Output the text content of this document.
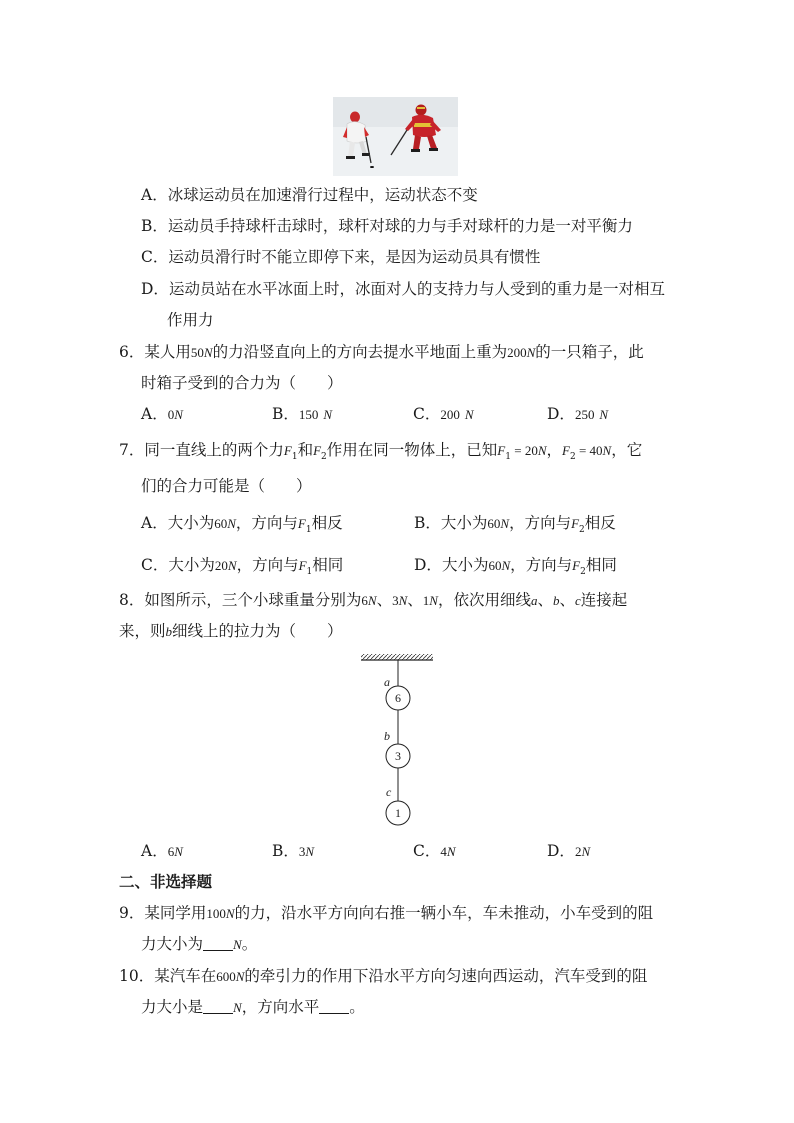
A．冰球运动员在加速滑行过程中，运动状态不变
B．运动员手持球杆击球时，球杆对球的力与手对球杆的力是一对平衡力
C．运动员滑行时不能立即停下来，是因为运动员具有惯性
D．运动员站在水平冰面上时，冰面对人的支持力与人受到的重力是一对相互
作用力
6．某人用50N的力沿竖直向上的方向去提水平地面上重为200N的一只箱子，此
时箱子受到的合力为（　　）
A．0N	B．150 N	C．200 N	D．250 N
7．同一直线上的两个力$F_1$和$F_2$作用在同一物体上，已知$F_1 = 20N$，$F_2 = 40N$，它
们的合力可能是（　　）
A．大小为60N，方向与$F_1$相反	B．大小为60N，方向与$F_2$相反
C．大小为20N，方向与$F_1$相同	D．大小为60N，方向与$F_2$相同
8．如图所示，三个小球重量分别为6N、3N、1N，依次用细线a、b、c连接起
来，则b细线上的拉力为（　　）
a
b
c
6
3
1
A．6N	B．3N	C．4N	D．2N
二、非选择题
9．某同学用100N的力，沿水平方向向右推一辆小车，车未推动，小车受到的阻
力大小为 N。
10．某汽车在600N的牵引力的作用下沿水平方向匀速向西运动，汽车受到的阻
力大小是 N，方向水平 。
